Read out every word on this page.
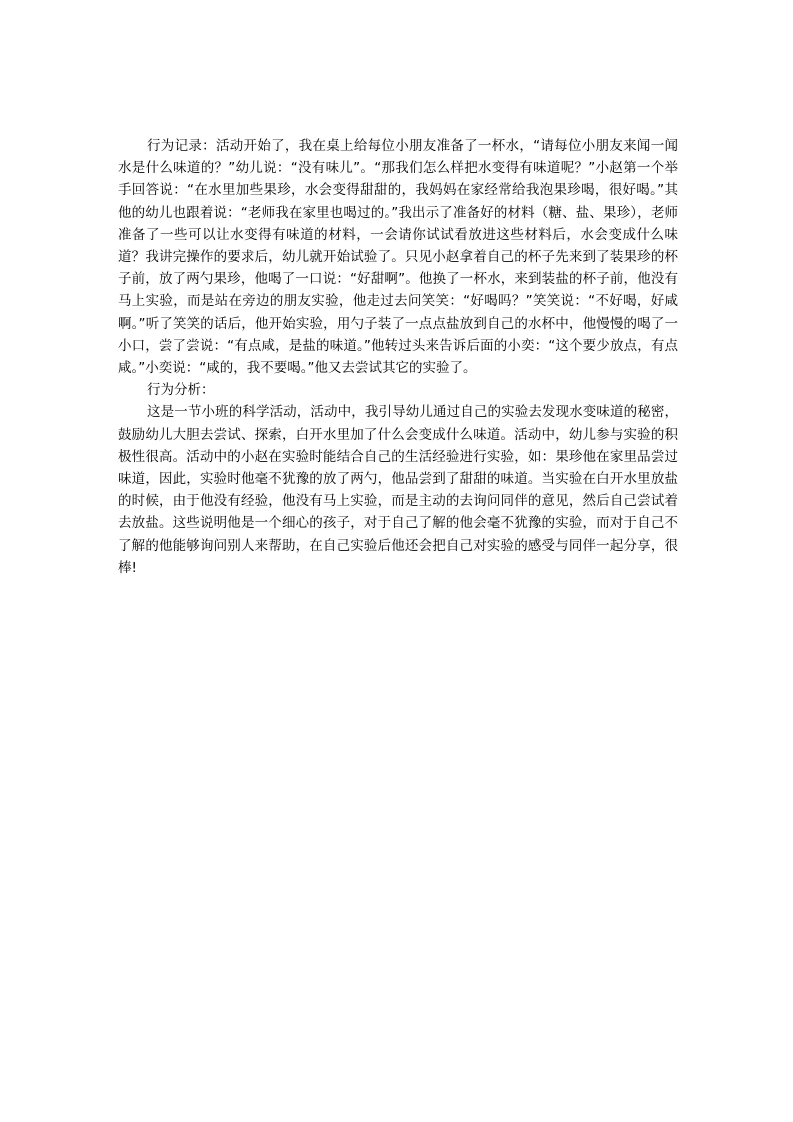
行为记录：活动开始了，我在桌上给每位小朋友准备了一杯水，“请每位小朋友来闻一闻水是什么味道的？”幼儿说：“没有味儿”。“那我们怎么样把水变得有味道呢？”小赵第一个举手回答说：“在水里加些果珍，水会变得甜甜的，我妈妈在家经常给我泡果珍喝，很好喝。”其他的幼儿也跟着说：“老师我在家里也喝过的。”我出示了准备好的材料（糖、盐、果珍），老师准备了一些可以让水变得有味道的材料，一会请你试试看放进这些材料后，水会变成什么味道？我讲完操作的要求后，幼儿就开始试验了。只见小赵拿着自己的杯子先来到了装果珍的杯子前，放了两勺果珍，他喝了一口说：“好甜啊”。他换了一杯水，来到装盐的杯子前，他没有马上实验，而是站在旁边的朋友实验，他走过去问笑笑：“好喝吗？”笑笑说：“不好喝，好咸啊。”听了笑笑的话后，他开始实验，用勺子装了一点点盐放到自己的水杯中，他慢慢的喝了一小口，尝了尝说：“有点咸，是盐的味道。”他转过头来告诉后面的小奕：“这个要少放点，有点咸。”小奕说：“咸的，我不要喝。”他又去尝试其它的实验了。

行为分析：

这是一节小班的科学活动，活动中，我引导幼儿通过自己的实验去发现水变味道的秘密，鼓励幼儿大胆去尝试、探索，白开水里加了什么会变成什么味道。活动中，幼儿参与实验的积极性很高。活动中的小赵在实验时能结合自己的生活经验进行实验，如：果珍他在家里品尝过味道，因此，实验时他毫不犹豫的放了两勺，他品尝到了甜甜的味道。当实验在白开水里放盐的时候，由于他没有经验，他没有马上实验，而是主动的去询问同伴的意见，然后自己尝试着去放盐。这些说明他是一个细心的孩子，对于自己了解的他会毫不犹豫的实验，而对于自己不了解的他能够询问别人来帮助，在自己实验后他还会把自己对实验的感受与同伴一起分享，很棒!
